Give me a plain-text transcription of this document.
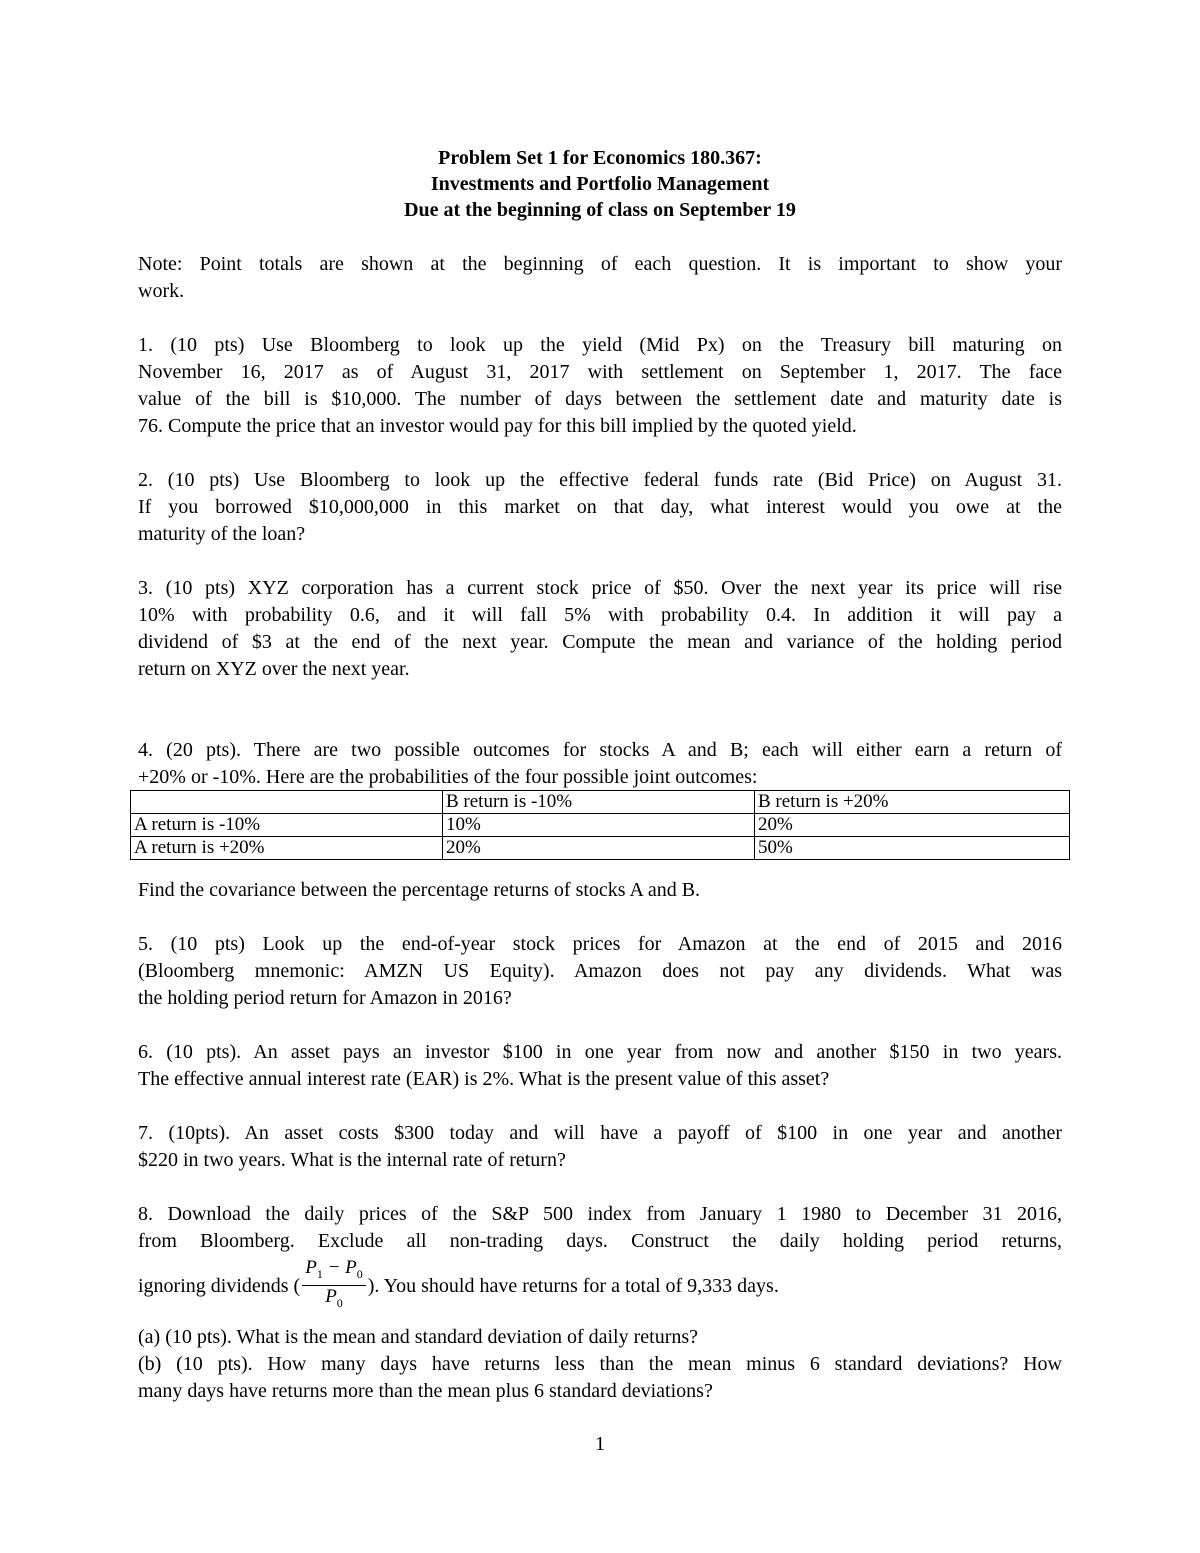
Problem Set 1 for Economics 180.367:
Investments and Portfolio Management
Due at the beginning of class on September 19
Note: Point totals are shown at the beginning of each question. It is important to show your
work.
1. (10 pts) Use Bloomberg to look up the yield (Mid Px) on the Treasury bill maturing on
November 16, 2017 as of August 31, 2017 with settlement on September 1, 2017. The face
value of the bill is $10,000. The number of days between the settlement date and maturity date is
76. Compute the price that an investor would pay for this bill implied by the quoted yield.
2. (10 pts) Use Bloomberg to look up the effective federal funds rate (Bid Price) on August 31.
If you borrowed $10,000,000 in this market on that day, what interest would you owe at the
maturity of the loan?
3. (10 pts) XYZ corporation has a current stock price of $50. Over the next year its price will rise
10% with probability 0.6, and it will fall 5% with probability 0.4. In addition it will pay a
dividend of $3 at the end of the next year. Compute the mean and variance of the holding period
return on XYZ over the next year.
4. (20 pts). There are two possible outcomes for stocks A and B; each will either earn a return of
+20% or -10%. Here are the probabilities of the four possible joint outcomes:
	B return is -10%	B return is +20%
A return is -10%	10%	20%
A return is +20%	20%	50%
Find the covariance between the percentage returns of stocks A and B.
5. (10 pts) Look up the end-of-year stock prices for Amazon at the end of 2015 and 2016
(Bloomberg mnemonic: AMZN US Equity). Amazon does not pay any dividends. What was
the holding period return for Amazon in 2016?
6. (10 pts). An asset pays an investor $100 in one year from now and another $150 in two years.
The effective annual interest rate (EAR) is 2%. What is the present value of this asset?
7. (10pts). An asset costs $300 today and will have a payoff of $100 in one year and another
$220 in two years. What is the internal rate of return?
8. Download the daily prices of the S&P 500 index from January 1 1980 to December 31 2016,
from Bloomberg. Exclude all non-trading days. Construct the daily holding period returns,
ignoring dividends ( $\frac{P_1 - P_0}{P_0}$ ). You should have returns for a total of 9,333 days.
(a) (10 pts). What is the mean and standard deviation of daily returns?
(b) (10 pts). How many days have returns less than the mean minus 6 standard deviations? How
many days have returns more than the mean plus 6 standard deviations?
1
